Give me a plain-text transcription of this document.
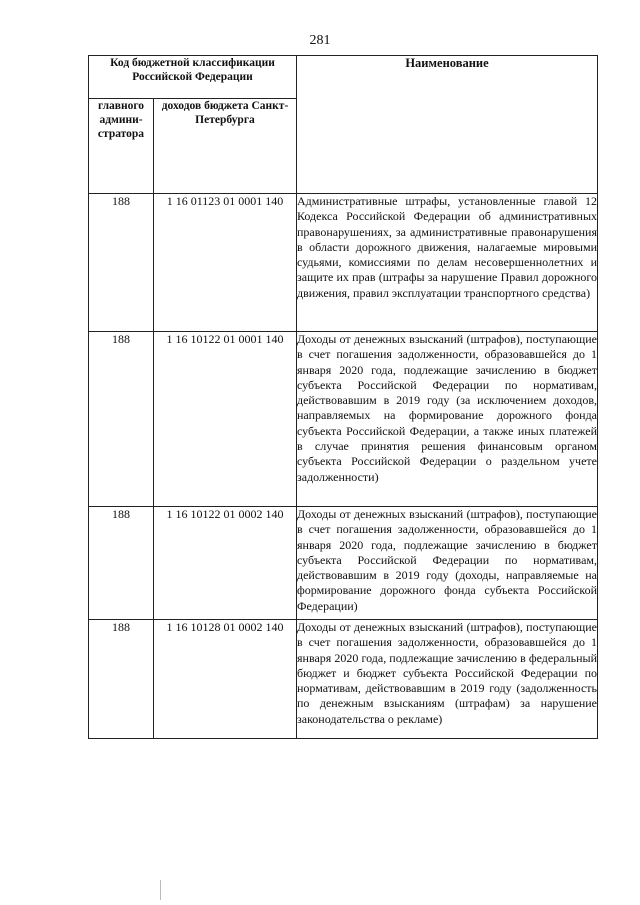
281
Код бюджетной классификации Российской Федерации		Наименование
главного админи-стратора	доходов бюджета Санкт-Петербурга	
188	1 16 01123 01 0001 140	Административные штрафы, установленные главой 12 Кодекса Российской Федерации об административных правонарушениях, за административные правонарушения в области дорожного движения, налагаемые мировыми судьями, комиссиями по делам несовершеннолетних и защите их прав (штрафы за нарушение Правил дорожного движения, правил эксплуатации транспортного средства)
188	1 16 10122 01 0001 140	Доходы от денежных взысканий (штрафов), поступающие в счет погашения задолженности, образовавшейся до 1 января 2020 года, подлежащие зачислению в бюджет субъекта Российской Федерации по нормативам, действовавшим в 2019 году (за исключением доходов, направляемых на формирование дорожного фонда субъекта Российской Федерации, а также иных платежей в случае принятия решения финансовым органом субъекта Российской Федерации о раздельном учете задолженности)
188	1 16 10122 01 0002 140	Доходы от денежных взысканий (штрафов), поступающие в счет погашения задолженности, образовавшейся до 1 января 2020 года, подлежащие зачислению в бюджет субъекта Российской Федерации по нормативам, действовавшим в 2019 году (доходы, направляемые на формирование дорожного фонда субъекта Российской Федерации)
188	1 16 10128 01 0002 140	Доходы от денежных взысканий (штрафов), поступающие в счет погашения задолженности, образовавшейся до 1 января 2020 года, подлежащие зачислению в федеральный бюджет и бюджет субъекта Российской Федерации по нормативам, действовавшим в 2019 году (задолженность по денежным взысканиям (штрафам) за нарушение законодательства о рекламе)
